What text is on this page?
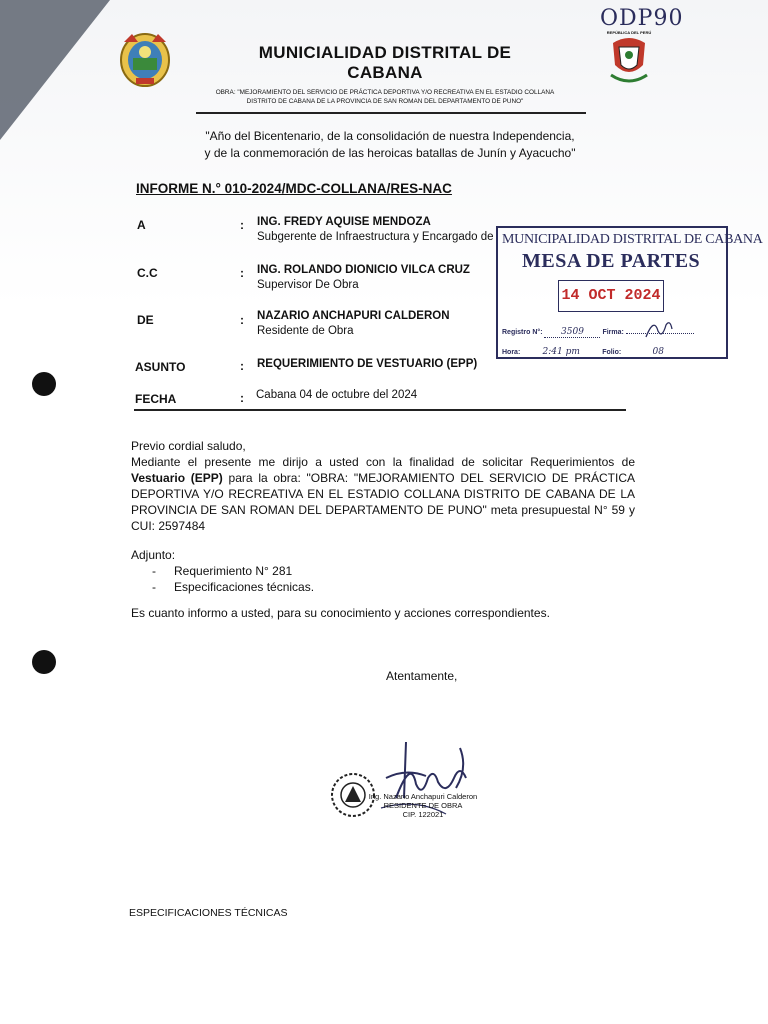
ODP90
MUNICIALIDAD DISTRITAL DE
CABANA
OBRA: "MEJORAMIENTO DEL SERVICIO DE PRÁCTICA DEPORTIVA Y/O RECREATIVA EN EL ESTADIO COLLANA
DISTRITO DE CABANA DE LA PROVINCIA DE SAN ROMAN DEL DEPARTAMENTO DE PUNO"
REPÚBLICA DEL PERÚ
"Año del Bicentenario, de la consolidación de nuestra Independencia,
y de la conmemoración de las heroicas batallas de Junín y Ayacucho"
INFORME N.° 010-2024/MDC-COLLANA/RES-NAC
A	: ING. FREDY AQUISE MENDOZA
Subgerente de Infraestructura y Encargado de
C.C	: ING. ROLANDO DIONICIO VILCA CRUZ
Supervisor De Obra
DE	: NAZARIO ANCHAPURI CALDERON
Residente de Obra
ASUNTO	: REQUERIMIENTO DE VESTUARIO (EPP)
FECHA	: Cabana 04 de octubre del 2024
MUNICIPALIDAD DISTRITAL DE CABANA
MESA DE PARTES
14 OCT 2024
Registro N°: 3509	Firma:
Hora: 2:41 pm	Folio:	08
Previo cordial saludo,
Mediante el presente me dirijo a usted con la finalidad de solicitar Requerimientos de Vestuario (EPP) para la obra: "OBRA: "MEJORAMIENTO DEL SERVICIO DE PRÁCTICA DEPORTIVA Y/O RECREATIVA EN EL ESTADIO COLLANA DISTRITO DE CABANA DE LA PROVINCIA DE SAN ROMAN DEL DEPARTAMENTO DE PUNO" meta presupuestal N° 59 y CUI: 2597484
Adjunto:
- Requerimiento N° 281
- Especificaciones técnicas.
Es cuanto informo a usted, para su conocimiento y acciones correspondientes.
Atentamente,
Ing. Nazario Anchapuri Calderon
RESIDENTE DE OBRA
CIP. 122021
ESPECIFICACIONES TÉCNICAS
